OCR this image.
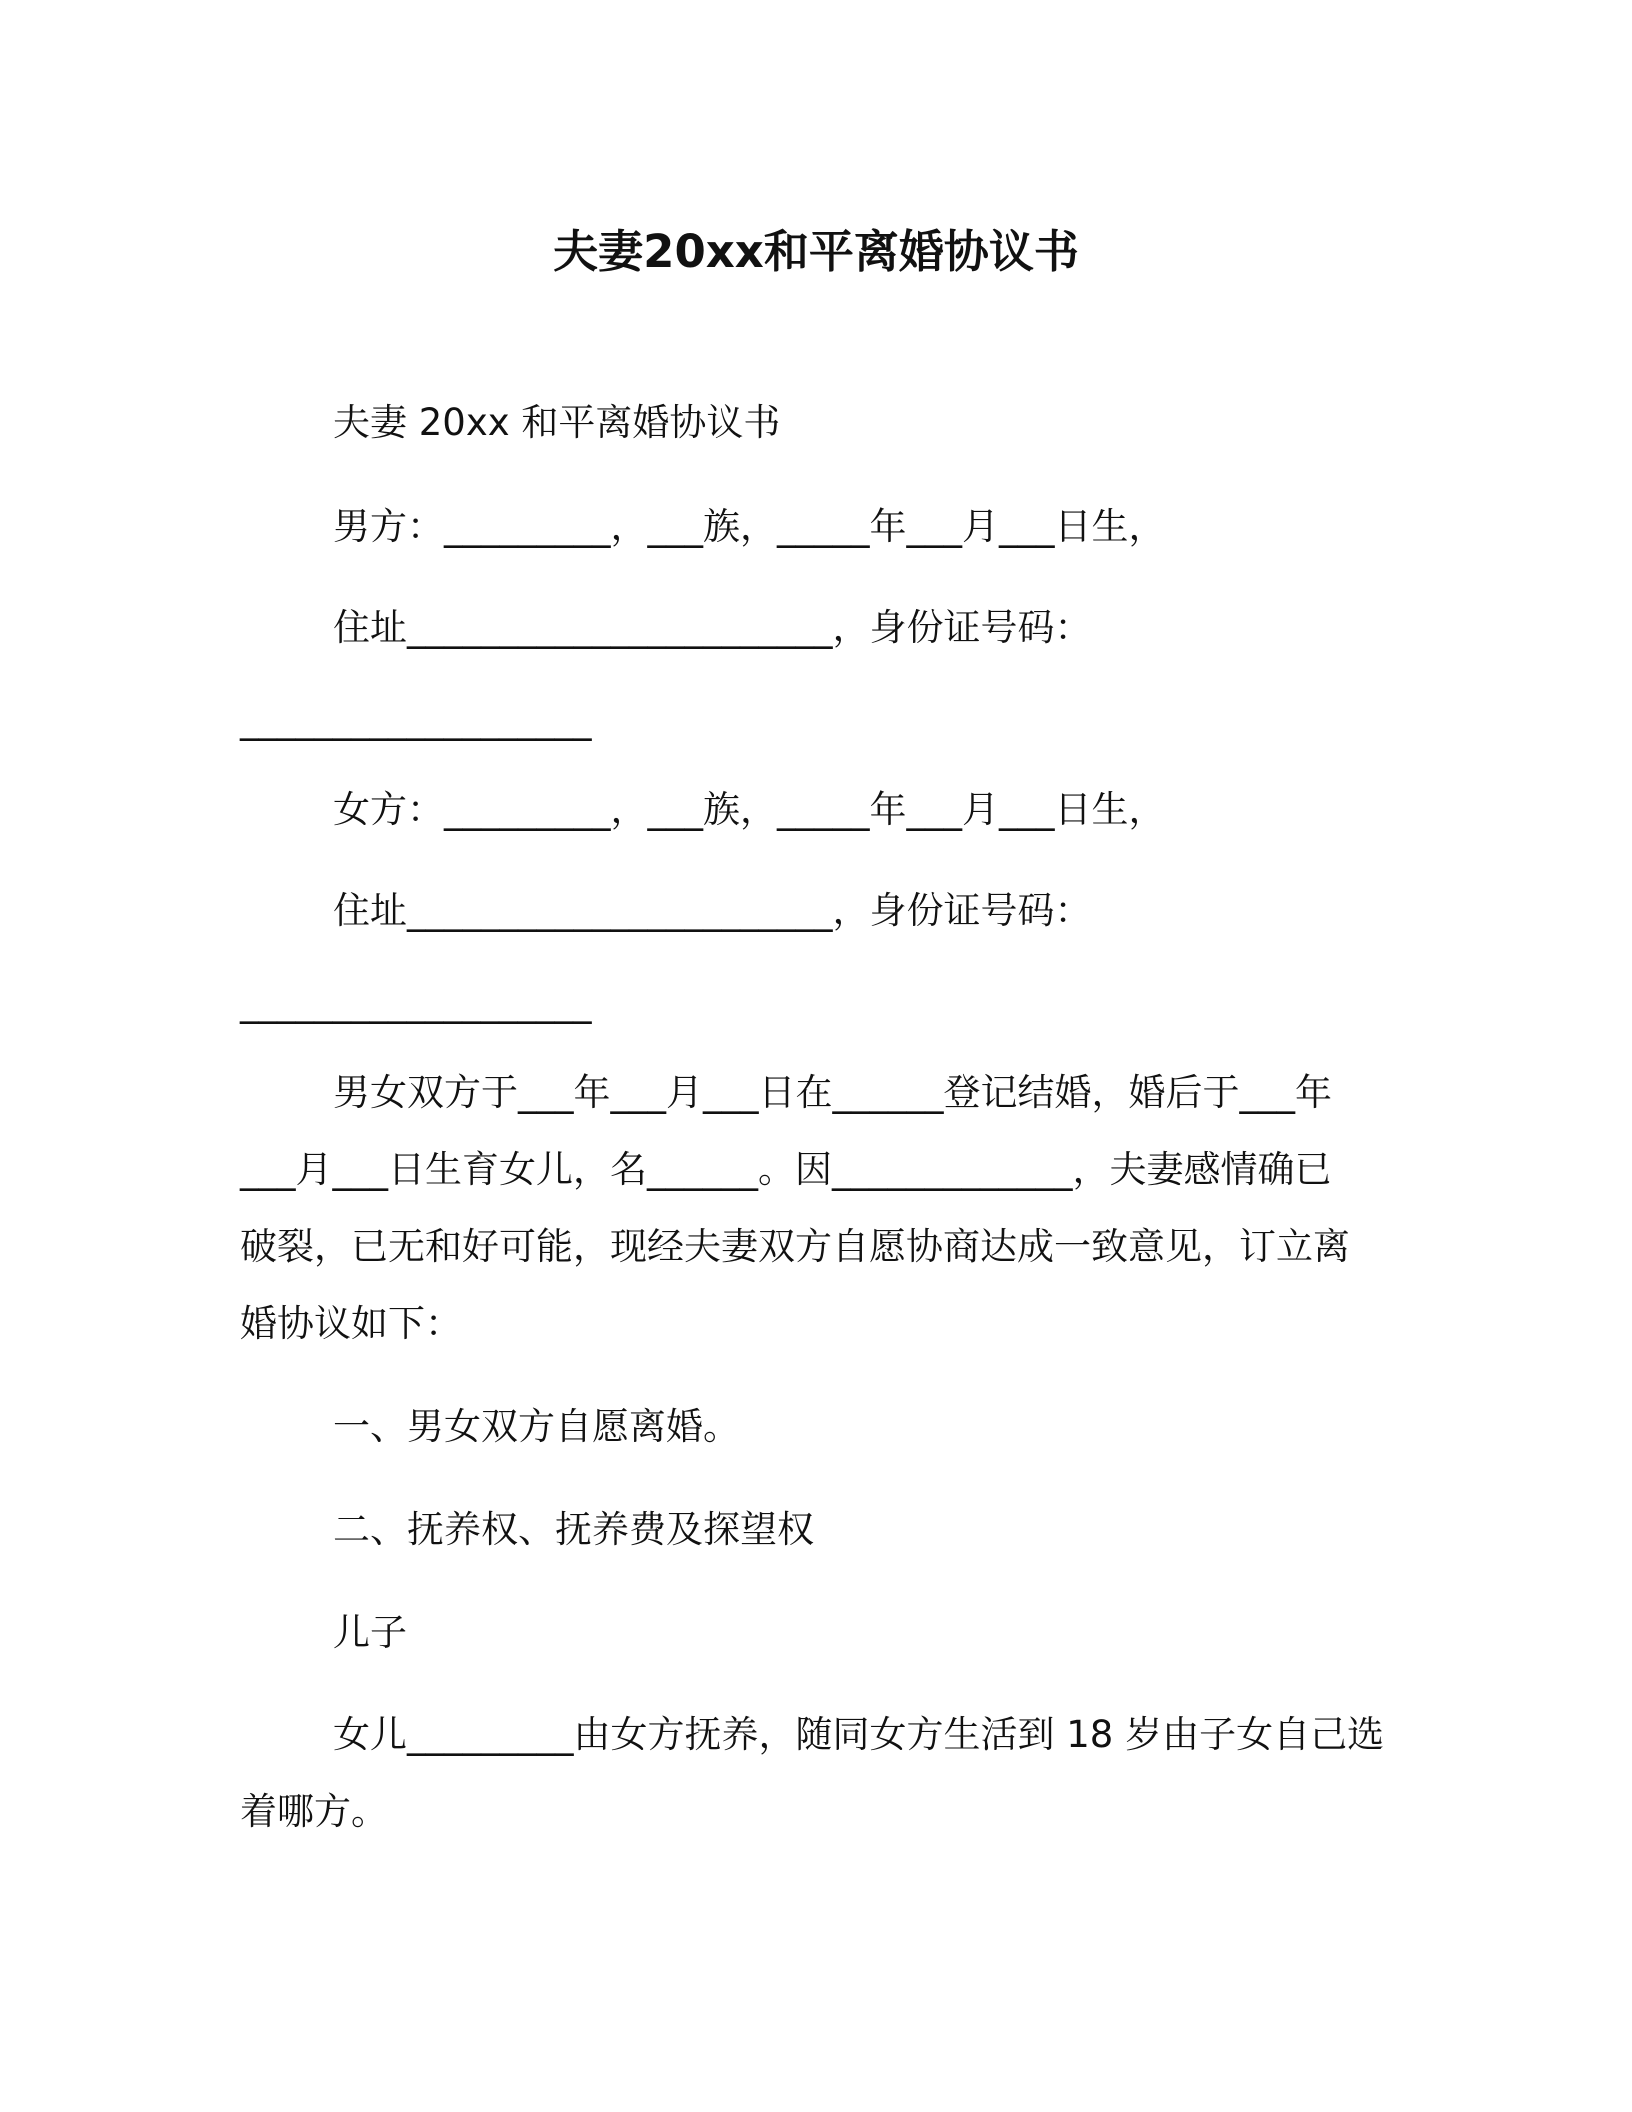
夫妻20xx和平离婚协议书
夫妻 20xx 和平离婚协议书
男方：_________，___族，_____年___月___日生，
住址_______________________，身份证号码：
___________________
女方：_________，___族，_____年___月___日生，
住址_______________________，身份证号码：
___________________
男女双方于___年___月___日在______登记结婚，婚后于___年
___月___日生育女儿，名______。因_____________，夫妻感情确已
破裂，已无和好可能，现经夫妻双方自愿协商达成一致意见，订立离
婚协议如下：
一、男女双方自愿离婚。
二、抚养权、抚养费及探望权
儿子
女儿_________由女方抚养，随同女方生活到 18 岁由子女自己选
着哪方。
